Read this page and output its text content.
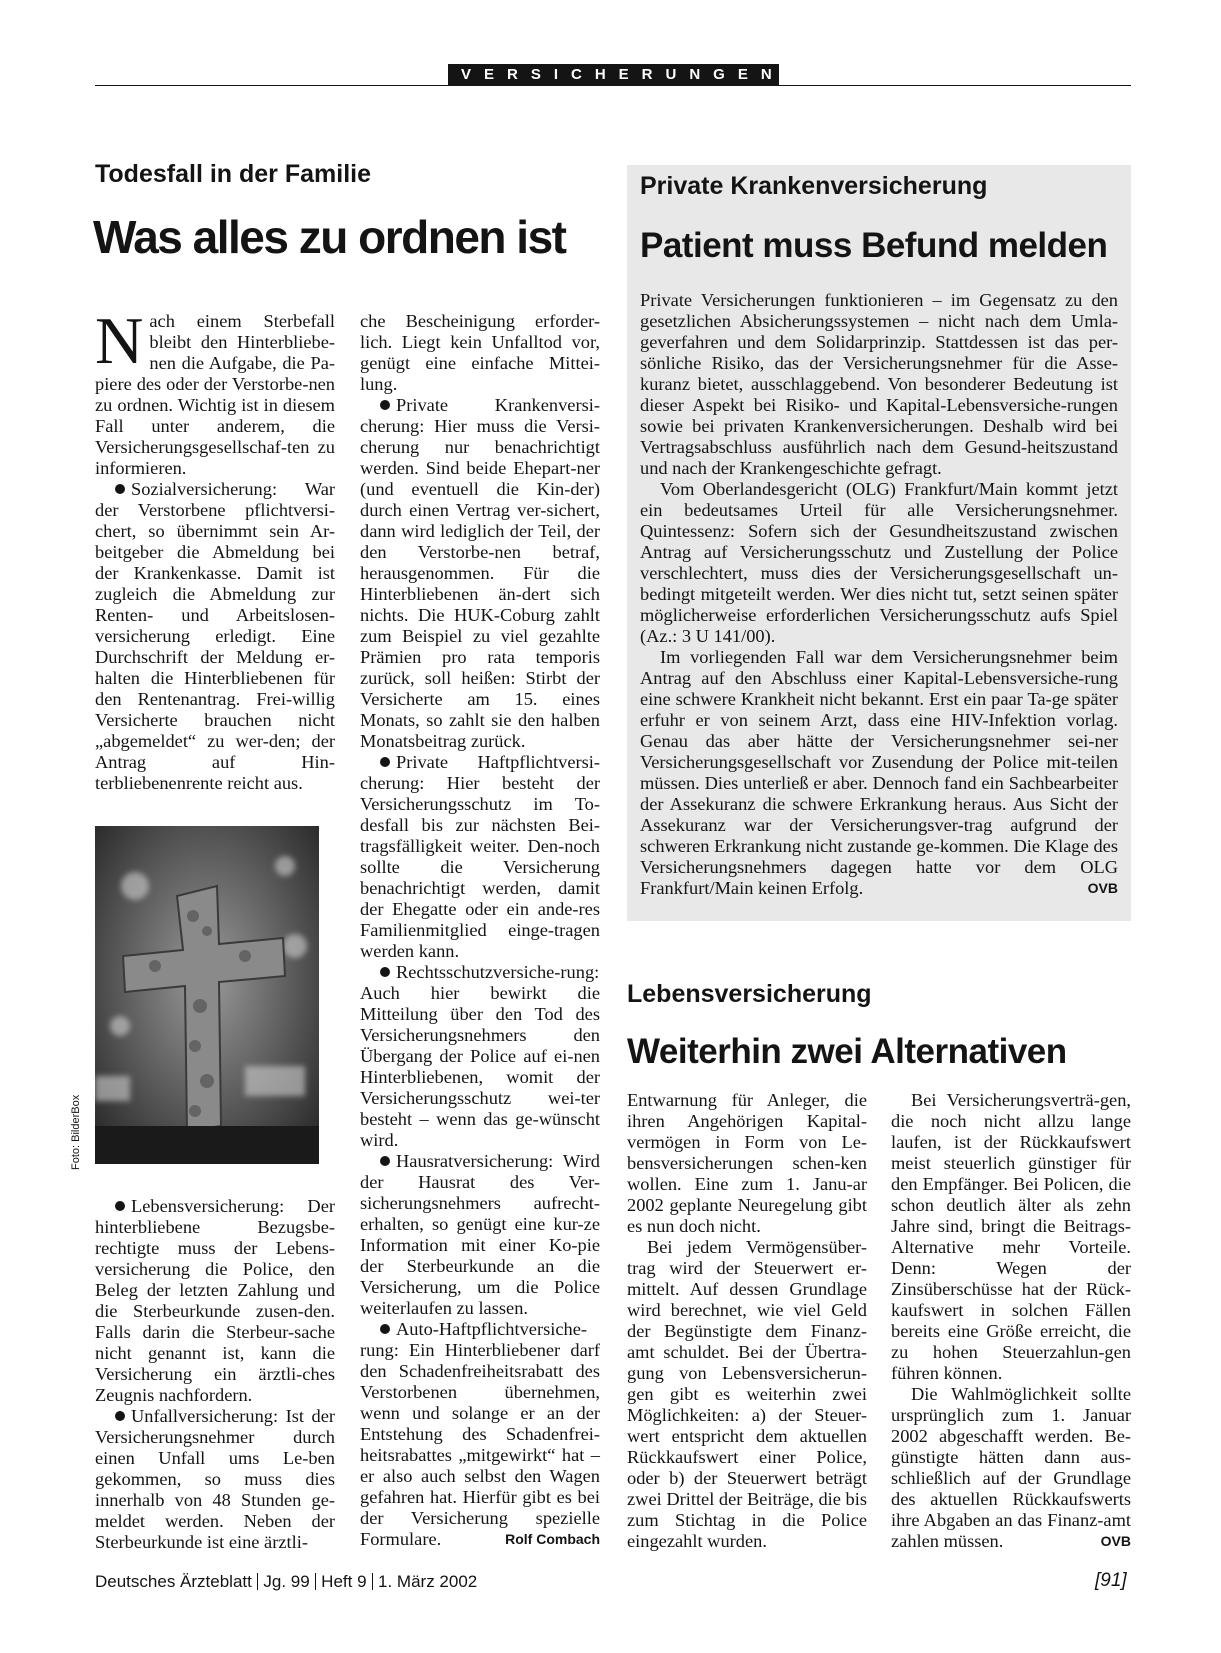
VERSICHERUNGEN
Todesfall in der Familie
Was alles zu ordnen ist

Nach einem Sterbefall bleibt den Hinterbliebe-nen die Aufgabe, die Pa-piere des oder der Verstorbe-nen zu ordnen. Wichtig ist in diesem Fall unter anderem, die Versicherungsgesellschaf-ten zu informieren.

Sozialversicherung: War der Verstorbene pflichtversi-chert, so übernimmt sein Ar-beitgeber die Abmeldung bei der Krankenkasse. Damit ist zugleich die Abmeldung zur Renten- und Arbeitslosen-versicherung erledigt. Eine Durchschrift der Meldung er-halten die Hinterbliebenen für den Rentenantrag. Frei-willig Versicherte brauchen nicht „abgemeldet“ zu wer-den; der Antrag auf Hin-terbliebenenrente reicht aus.

Foto: BilderBox

Lebensversicherung: Der hinterbliebene Bezugsbe-rechtigte muss der Lebens-versicherung die Police, den Beleg der letzten Zahlung und die Sterbeurkunde zusen-den. Falls darin die Sterbeur-sache nicht genannt ist, kann die Versicherung ein ärztli-ches Zeugnis nachfordern.

Unfallversicherung: Ist der Versicherungsnehmer durch einen Unfall ums Le-ben gekommen, so muss dies innerhalb von 48 Stunden ge-meldet werden. Neben der Sterbeurkunde ist eine ärztli-

che Bescheinigung erforder-lich. Liegt kein Unfalltod vor, genügt eine einfache Mittei-lung.

Private Krankenversi-cherung: Hier muss die Versi-cherung nur benachrichtigt werden. Sind beide Ehepart-ner (und eventuell die Kin-der) durch einen Vertrag ver-sichert, dann wird lediglich der Teil, der den Verstorbe-nen betraf, herausgenommen. Für die Hinterbliebenen än-dert sich nichts. Die HUK-Coburg zahlt zum Beispiel zu viel gezahlte Prämien pro rata temporis zurück, soll heißen: Stirbt der Versicherte am 15. eines Monats, so zahlt sie den halben Monatsbeitrag zurück.

Private Haftpflichtversi-cherung: Hier besteht der Versicherungsschutz im To-desfall bis zur nächsten Bei-tragsfälligkeit weiter. Den-noch sollte die Versicherung benachrichtigt werden, damit der Ehegatte oder ein ande-res Familienmitglied einge-tragen werden kann.

Rechtsschutzversiche-rung: Auch hier bewirkt die Mitteilung über den Tod des Versicherungsnehmers den Übergang der Police auf ei-nen Hinterbliebenen, womit der Versicherungsschutz wei-ter besteht – wenn das ge-wünscht wird.

Hausratversicherung: Wird der Hausrat des Ver-sicherungsnehmers aufrecht-erhalten, so genügt eine kur-ze Information mit einer Ko-pie der Sterbeurkunde an die Versicherung, um die Police weiterlaufen zu lassen.

Auto-Haftpflichtversiche-rung: Ein Hinterbliebener darf den Schadenfreiheitsrabatt des Verstorbenen übernehmen, wenn und solange er an der Entstehung des Schadenfrei-heitsrabattes „mitgewirkt“ hat – er also auch selbst den Wagen gefahren hat. Hierfür gibt es bei der Versicherung spezielle Formulare.	Rolf Combach

Private Krankenversicherung
Patient muss Befund melden

Private Versicherungen funktionieren – im Gegensatz zu den gesetzlichen Absicherungssystemen – nicht nach dem Umla-geverfahren und dem Solidarprinzip. Stattdessen ist das per-sönliche Risiko, das der Versicherungsnehmer für die Asse-kuranz bietet, ausschlaggebend. Von besonderer Bedeutung ist dieser Aspekt bei Risiko- und Kapital-Lebensversiche-rungen sowie bei privaten Krankenversicherungen. Deshalb wird bei Vertragsabschluss ausführlich nach dem Gesund-heitszustand und nach der Krankengeschichte gefragt.

Vom Oberlandesgericht (OLG) Frankfurt/Main kommt jetzt ein bedeutsames Urteil für alle Versicherungsnehmer. Quintessenz: Sofern sich der Gesundheitszustand zwischen Antrag auf Versicherungsschutz und Zustellung der Police verschlechtert, muss dies der Versicherungsgesellschaft un-bedingt mitgeteilt werden. Wer dies nicht tut, setzt seinen später möglicherweise erforderlichen Versicherungsschutz aufs Spiel (Az.: 3 U 141/00).

Im vorliegenden Fall war dem Versicherungsnehmer beim Antrag auf den Abschluss einer Kapital-Lebensversiche-rung eine schwere Krankheit nicht bekannt. Erst ein paar Ta-ge später erfuhr er von seinem Arzt, dass eine HIV-Infektion vorlag. Genau das aber hätte der Versicherungsnehmer sei-ner Versicherungsgesellschaft vor Zusendung der Police mit-teilen müssen. Dies unterließ er aber. Dennoch fand ein Sachbearbeiter der Assekuranz die schwere Erkrankung heraus. Aus Sicht der Assekuranz war der Versicherungsver-trag aufgrund der schweren Erkrankung nicht zustande ge-kommen. Die Klage des Versicherungsnehmers dagegen hatte vor dem OLG Frankfurt/Main keinen Erfolg.	OVB

Lebensversicherung
Weiterhin zwei Alternativen

Entwarnung für Anleger, die ihren Angehörigen Kapital-vermögen in Form von Le-bensversicherungen schen-ken wollen. Eine zum 1. Janu-ar 2002 geplante Neuregelung gibt es nun doch nicht.

Bei jedem Vermögensüber-trag wird der Steuerwert er-mittelt. Auf dessen Grundlage wird berechnet, wie viel Geld der Begünstigte dem Finanz-amt schuldet. Bei der Übertra-gung von Lebensversicherun-gen gibt es weiterhin zwei Möglichkeiten: a) der Steuer-wert entspricht dem aktuellen Rückkaufswert einer Police, oder b) der Steuerwert beträgt zwei Drittel der Beiträge, die bis zum Stichtag in die Police eingezahlt wurden.

Bei Versicherungsverträ-gen, die noch nicht allzu lange laufen, ist der Rückkaufswert meist steuerlich günstiger für den Empfänger. Bei Policen, die schon deutlich älter als zehn Jahre sind, bringt die Beitrags-Alternative mehr Vorteile. Denn: Wegen der Zinsüberschüsse hat der Rück-kaufswert in solchen Fällen bereits eine Größe erreicht, die zu hohen Steuerzahlun-gen führen können.

Die Wahlmöglichkeit sollte ursprünglich zum 1. Januar 2002 abgeschafft werden. Be-günstigte hätten dann aus-schließlich auf der Grundlage des aktuellen Rückkaufswerts ihre Abgaben an das Finanz-amt zahlen müssen.	OVB

Deutsches Ärzteblatt Jg. 99 Heft 9 1. März 2002	[91]
